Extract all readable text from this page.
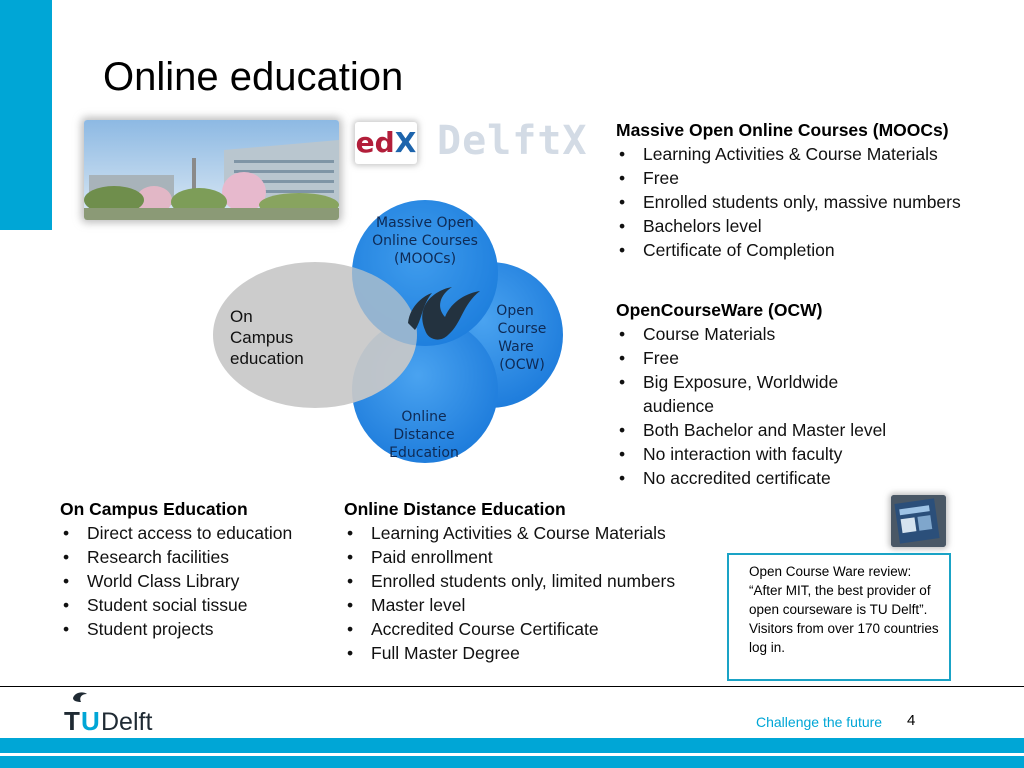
Online education
edX DelftX
Massive Open
Online Courses
(MOOCs)
Open
Course
Ware
(OCW)
Online
Distance
Education
On
Campus
education
Massive Open Online Courses (MOOCs)
• Learning Activities & Course Materials
• Free
• Enrolled students only, massive numbers
• Bachelors level
• Certificate of Completion
OpenCourseWare (OCW)
• Course Materials
• Free
• Big Exposure, Worldwide audience
• Both Bachelor and Master level
• No interaction with faculty
• No accredited certificate
On Campus Education
• Direct access to education
• Research facilities
• World Class Library
• Student social tissue
• Student projects
Online Distance Education
• Learning Activities & Course Materials
• Paid enrollment
• Enrolled students only, limited numbers
• Master level
• Accredited Course Certificate
• Full Master Degree
Open Course Ware review: “After MIT, the best provider of open courseware is TU Delft”. Visitors from over 170 countries log in.
T U Delft	Challenge the future 4
